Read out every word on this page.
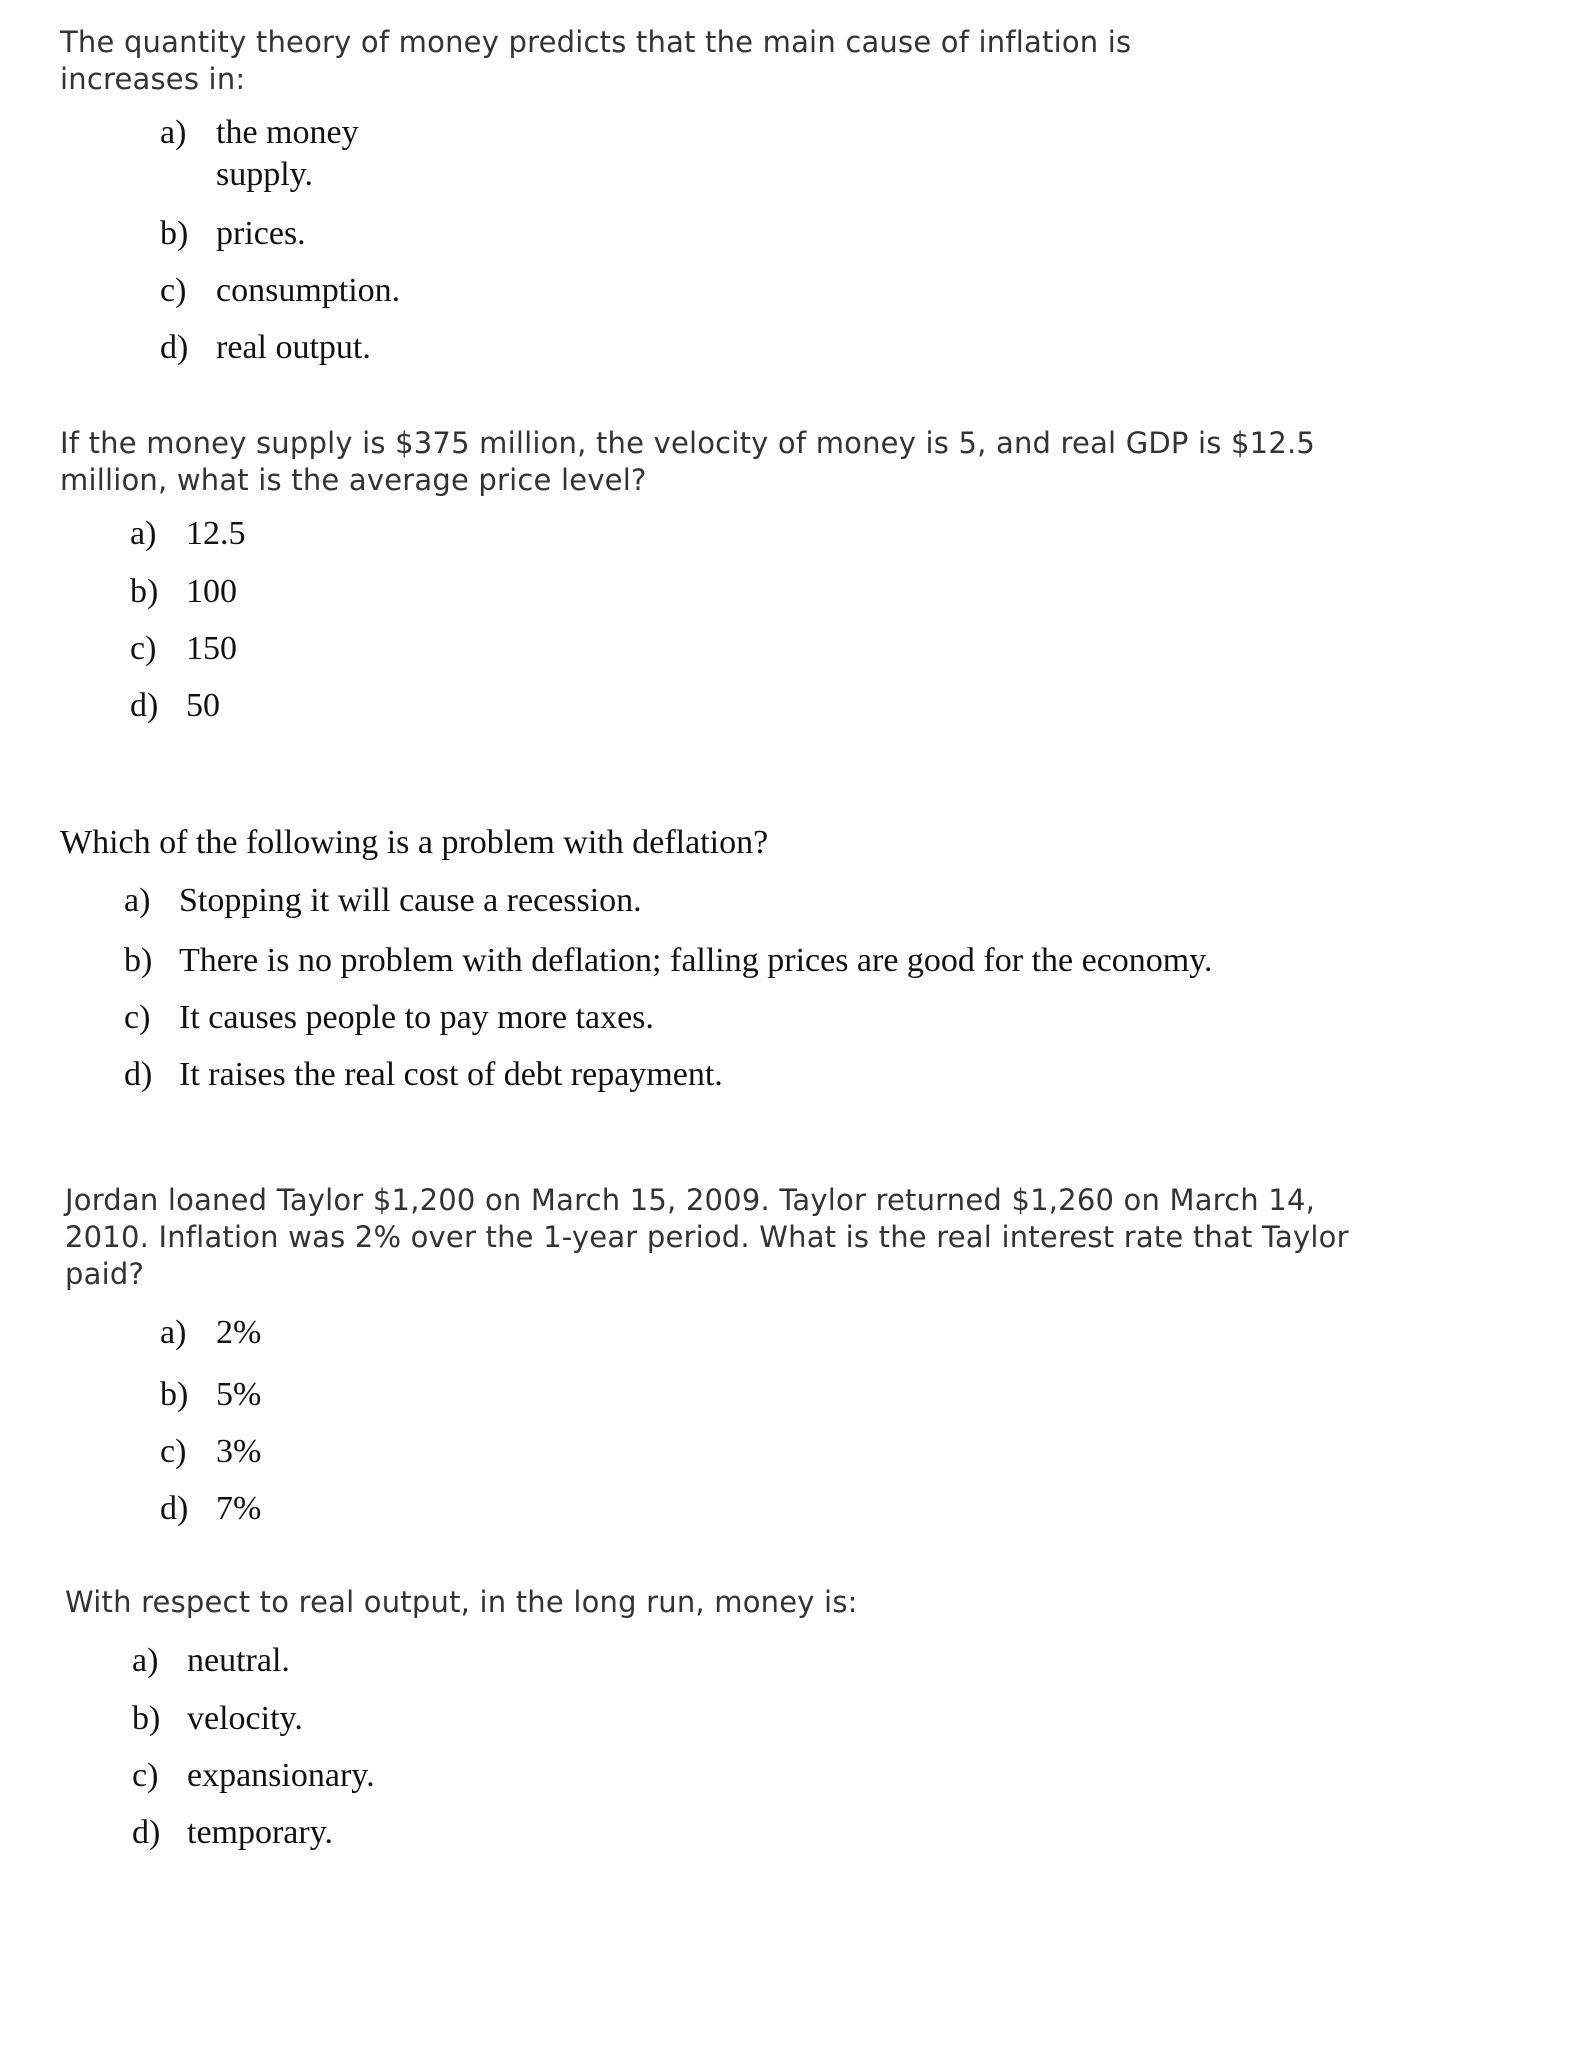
The quantity theory of money predicts that the main cause of inflation is
increases in:
a) the money
supply.
b) prices.
c) consumption.
d) real output.
If the money supply is $375 million, the velocity of money is 5, and real GDP is $12.5
million, what is the average price level?
a) 12.5
b) 100
c) 150
d) 50
Which of the following is a problem with deflation?
a) Stopping it will cause a recession.
b) There is no problem with deflation; falling prices are good for the economy.
c) It causes people to pay more taxes.
d) It raises the real cost of debt repayment.
Jordan loaned Taylor $1,200 on March 15, 2009. Taylor returned $1,260 on March 14,
2010. Inflation was 2% over the 1-year period. What is the real interest rate that Taylor
paid?
a) 2%
b) 5%
c) 3%
d) 7%
With respect to real output, in the long run, money is:
a) neutral.
b) velocity.
c) expansionary.
d) temporary.
